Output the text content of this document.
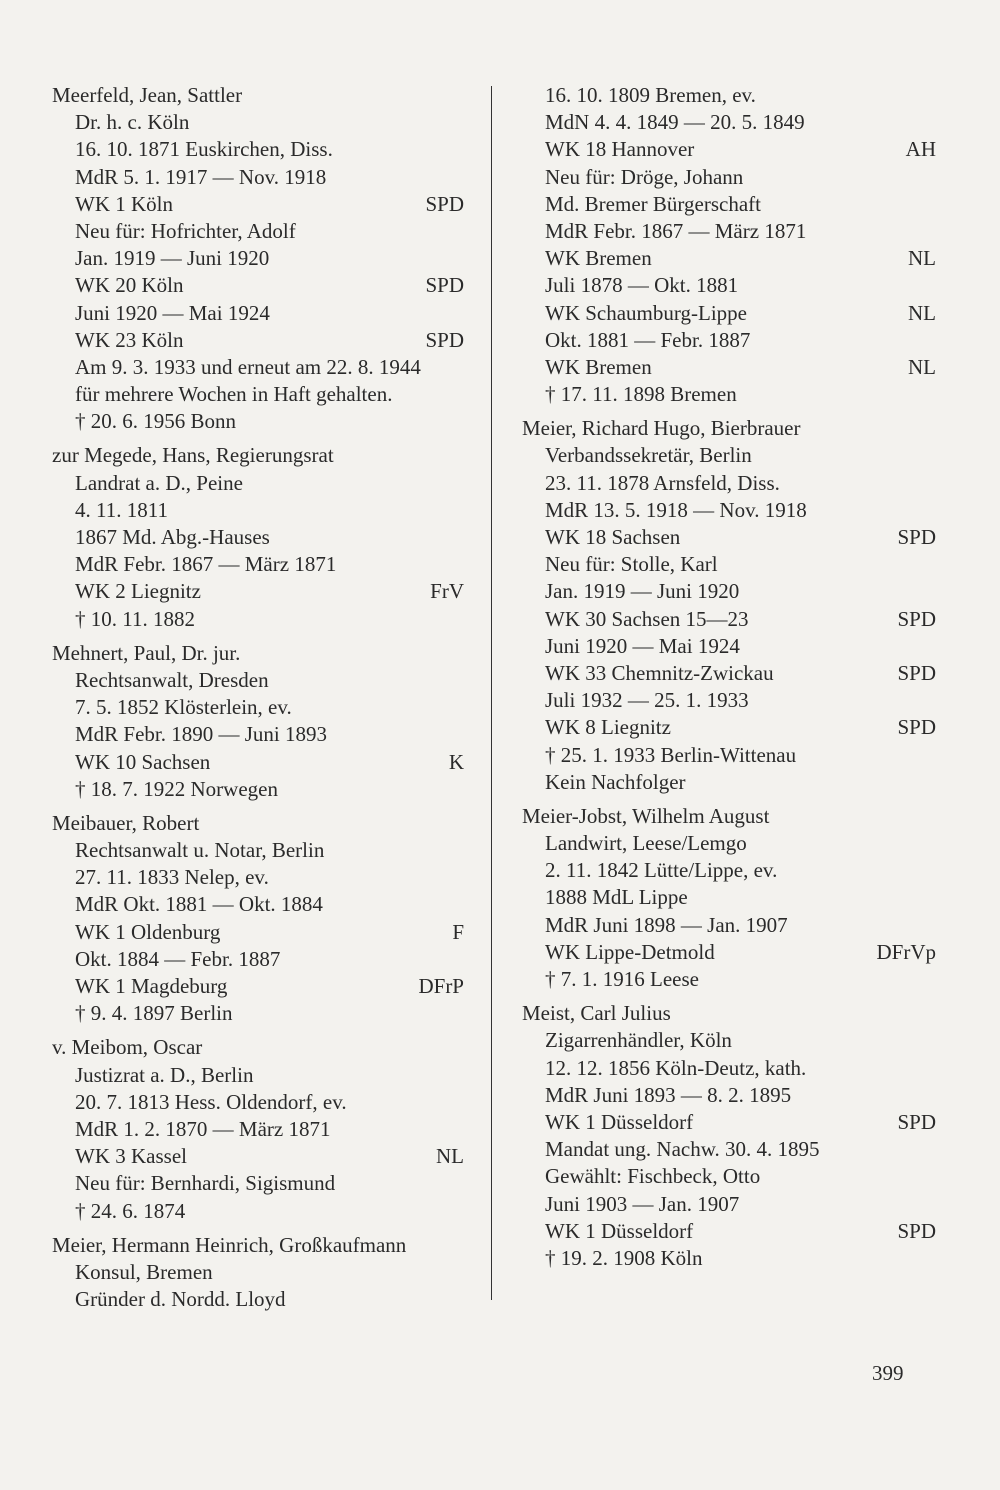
Meerfeld, Jean, Sattler
Dr. h. c. Köln
16. 10. 1871 Euskirchen, Diss.
MdR 5. 1. 1917 — Nov. 1918
WK 1 Köln	SPD
Neu für: Hofrichter, Adolf
Jan. 1919 — Juni 1920
WK 20 Köln	SPD
Juni 1920 — Mai 1924
WK 23 Köln	SPD
Am 9. 3. 1933 und erneut am 22. 8. 1944
für mehrere Wochen in Haft gehalten.
† 20. 6. 1956 Bonn
zur Megede, Hans, Regierungsrat
Landrat a. D., Peine
4. 11. 1811
1867 Md. Abg.-Hauses
MdR Febr. 1867 — März 1871
WK 2 Liegnitz	FrV
† 10. 11. 1882
Mehnert, Paul, Dr. jur.
Rechtsanwalt, Dresden
7. 5. 1852 Klösterlein, ev.
MdR Febr. 1890 — Juni 1893
WK 10 Sachsen	K
† 18. 7. 1922 Norwegen
Meibauer, Robert
Rechtsanwalt u. Notar, Berlin
27. 11. 1833 Nelep, ev.
MdR Okt. 1881 — Okt. 1884
WK 1 Oldenburg	F
Okt. 1884 — Febr. 1887
WK 1 Magdeburg	DFrP
† 9. 4. 1897 Berlin
v. Meibom, Oscar
Justizrat a. D., Berlin
20. 7. 1813 Hess. Oldendorf, ev.
MdR 1. 2. 1870 — März 1871
WK 3 Kassel	NL
Neu für: Bernhardi, Sigismund
† 24. 6. 1874
Meier, Hermann Heinrich, Großkaufmann
Konsul, Bremen
Gründer d. Nordd. Lloyd
16. 10. 1809 Bremen, ev.
MdN 4. 4. 1849 — 20. 5. 1849
WK 18 Hannover	AH
Neu für: Dröge, Johann
Md. Bremer Bürgerschaft
MdR Febr. 1867 — März 1871
WK Bremen	NL
Juli 1878 — Okt. 1881
WK Schaumburg-Lippe	NL
Okt. 1881 — Febr. 1887
WK Bremen	NL
† 17. 11. 1898 Bremen
Meier, Richard Hugo, Bierbrauer
Verbandssekretär, Berlin
23. 11. 1878 Arnsfeld, Diss.
MdR 13. 5. 1918 — Nov. 1918
WK 18 Sachsen	SPD
Neu für: Stolle, Karl
Jan. 1919 — Juni 1920
WK 30 Sachsen 15—23	SPD
Juni 1920 — Mai 1924
WK 33 Chemnitz-Zwickau	SPD
Juli 1932 — 25. 1. 1933
WK 8 Liegnitz	SPD
† 25. 1. 1933 Berlin-Wittenau
Kein Nachfolger
Meier-Jobst, Wilhelm August
Landwirt, Leese/Lemgo
2. 11. 1842 Lütte/Lippe, ev.
1888 MdL Lippe
MdR Juni 1898 — Jan. 1907
WK Lippe-Detmold	DFrVp
† 7. 1. 1916 Leese
Meist, Carl Julius
Zigarrenhändler, Köln
12. 12. 1856 Köln-Deutz, kath.
MdR Juni 1893 — 8. 2. 1895
WK 1 Düsseldorf	SPD
Mandat ung. Nachw. 30. 4. 1895
Gewählt: Fischbeck, Otto
Juni 1903 — Jan. 1907
WK 1 Düsseldorf	SPD
† 19. 2. 1908 Köln
399
